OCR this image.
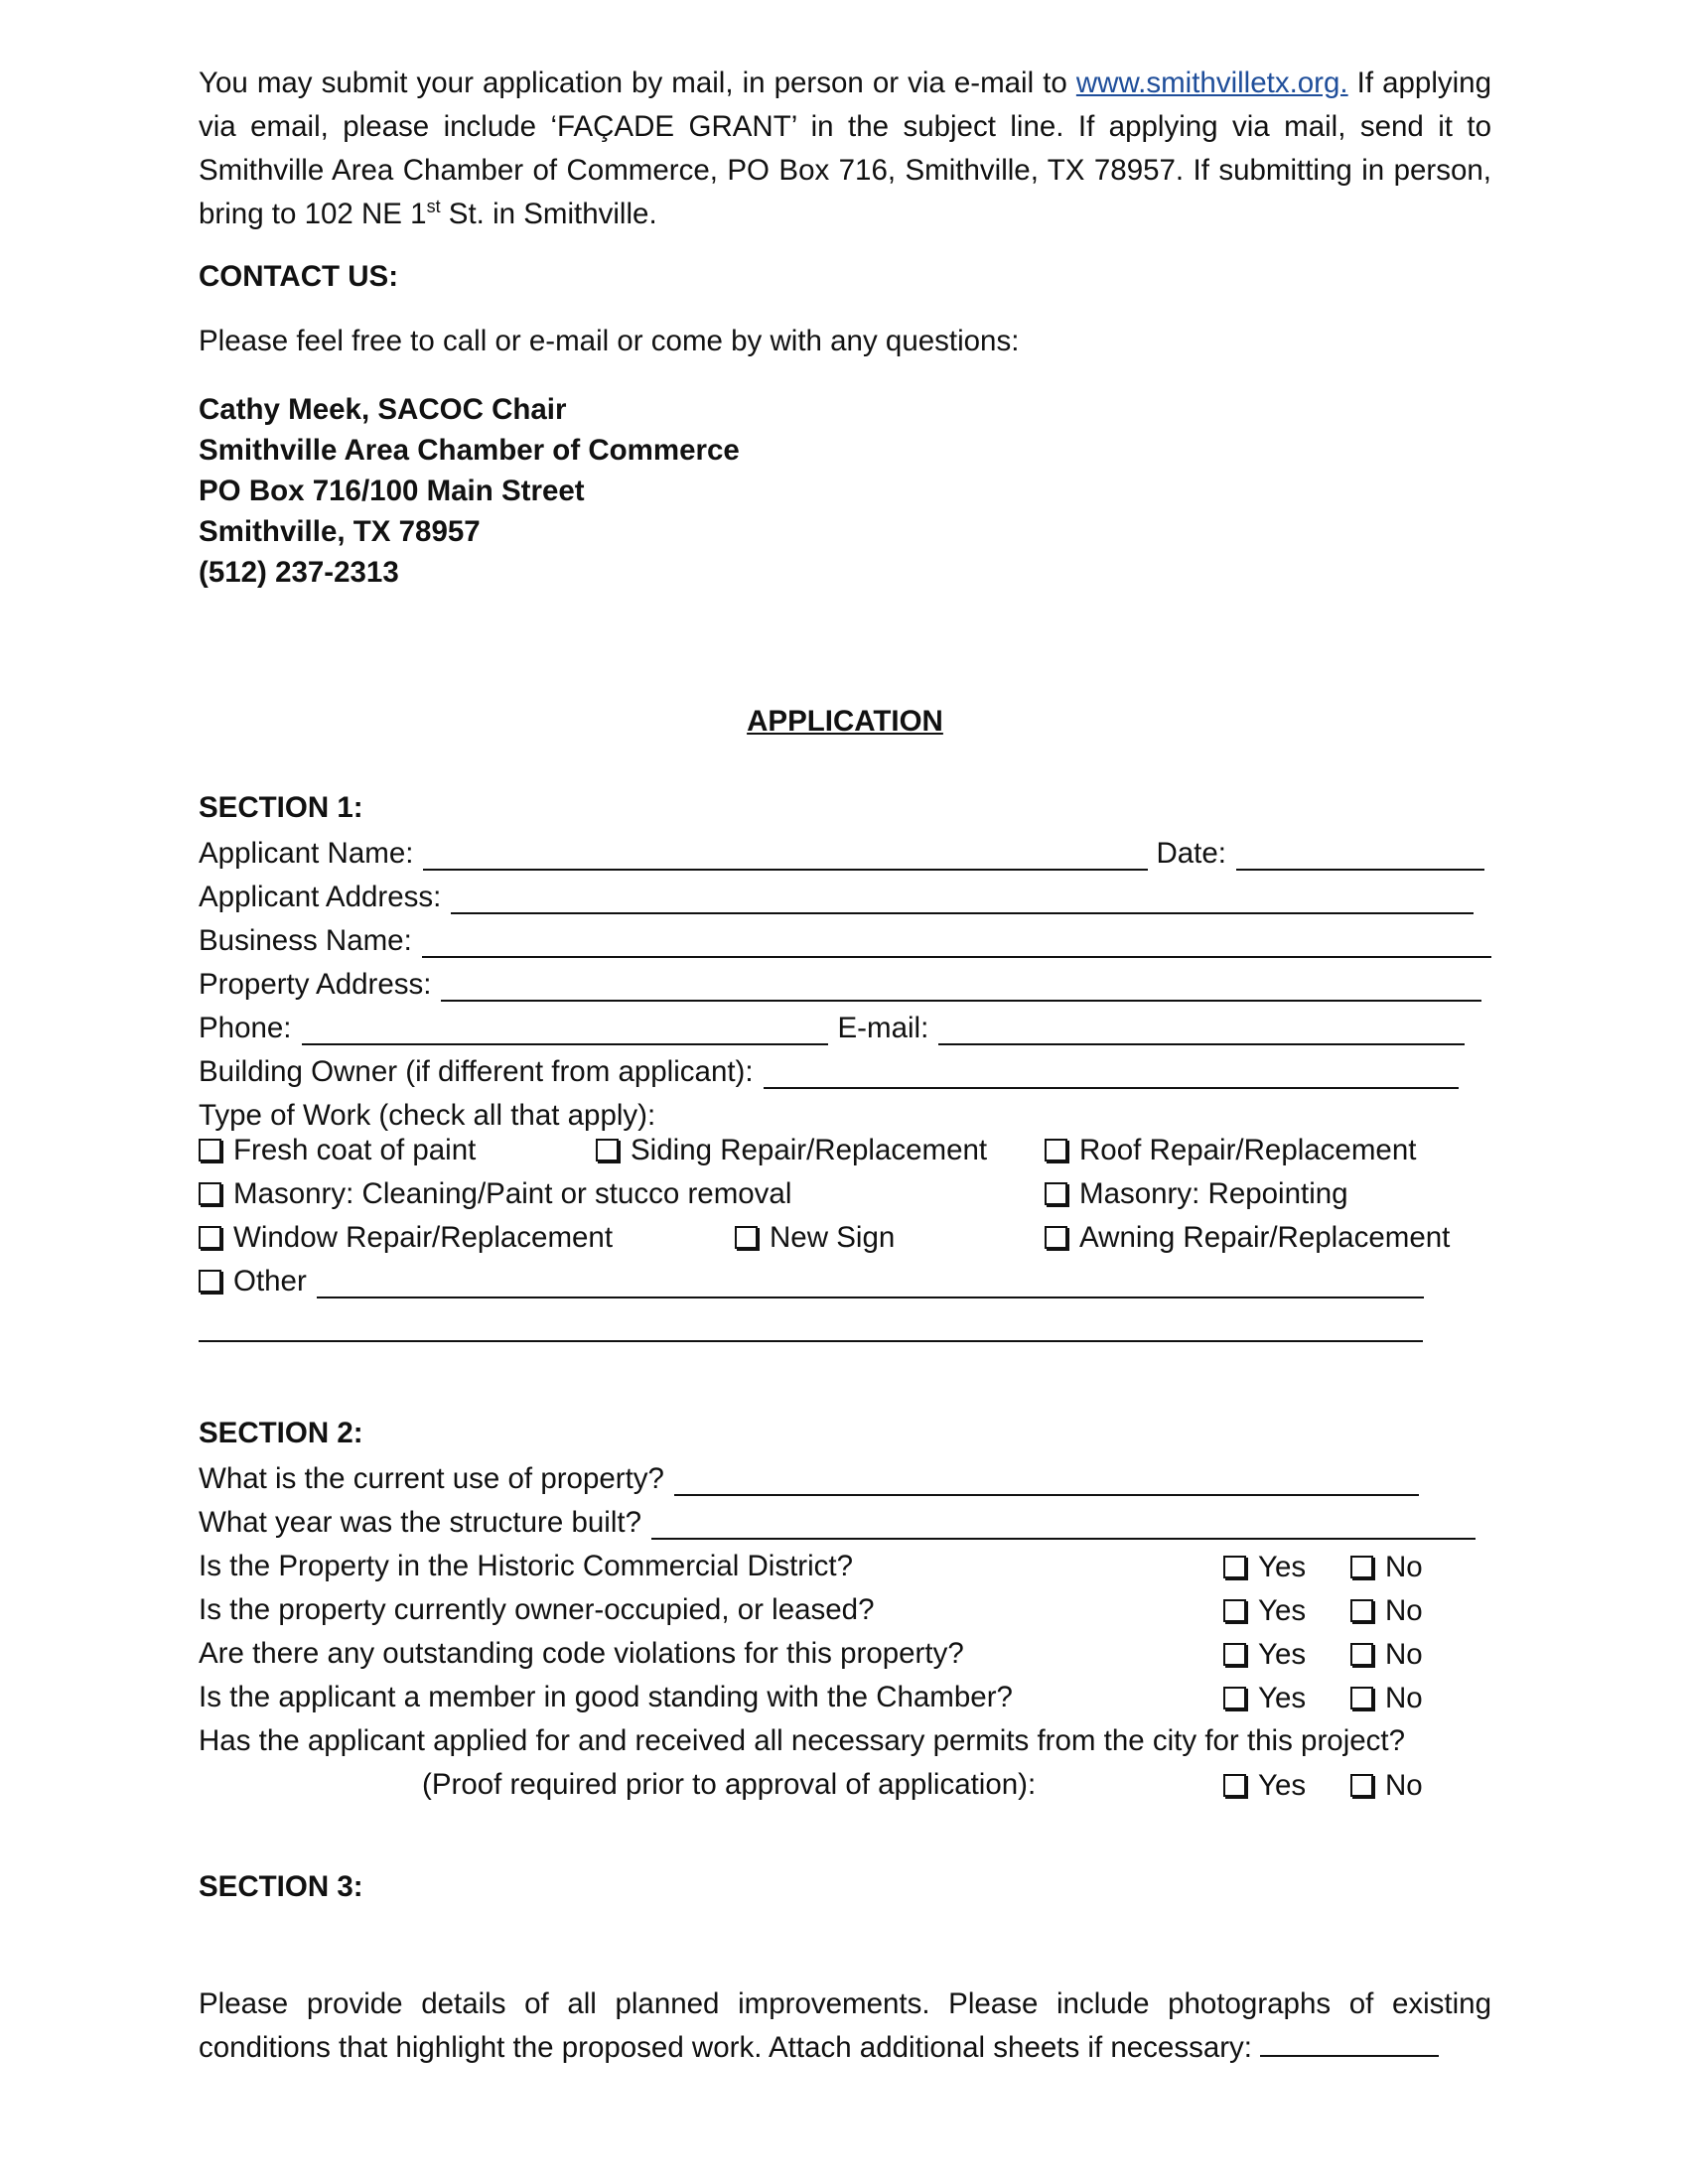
You may submit your application by mail, in person or via e-mail to www.smithvilletx.org. If applying via email, please include ‘FAÇADE GRANT’ in the subject line. If applying via mail, send it to Smithville Area Chamber of Commerce, PO Box 716, Smithville, TX 78957. If submitting in person, bring to 102 NE 1st St. in Smithville.

CONTACT US:

Please feel free to call or e-mail or come by with any questions:

Cathy Meek, SACOC Chair
Smithville Area Chamber of Commerce
PO Box 716/100 Main Street
Smithville, TX 78957
(512) 237-2313
APPLICATION
SECTION 1:
Applicant Name:	Date:
Applicant Address:
Business Name:
Property Address:
Phone:	E-mail:
Building Owner (if different from applicant):
Type of Work (check all that apply):
Fresh coat of paint	Siding Repair/Replacement	Roof Repair/Replacement
Masonry: Cleaning/Paint or stucco removal	Masonry: Repointing
Window Repair/Replacement	New Sign	Awning Repair/Replacement
Other
SECTION 2:
What is the current use of property?
What year was the structure built?
Is the Property in the Historic Commercial District?	Yes	No
Is the property currently owner-occupied, or leased?	Yes	No
Are there any outstanding code violations for this property?	Yes	No
Is the applicant a member in good standing with the Chamber?	Yes	No
Has the applicant applied for and received all necessary permits from the city for this project?
(Proof required prior to approval of application):	Yes	No
SECTION 3:

Please provide details of all planned improvements. Please include photographs of existing conditions that highlight the proposed work. Attach additional sheets if necessary:
